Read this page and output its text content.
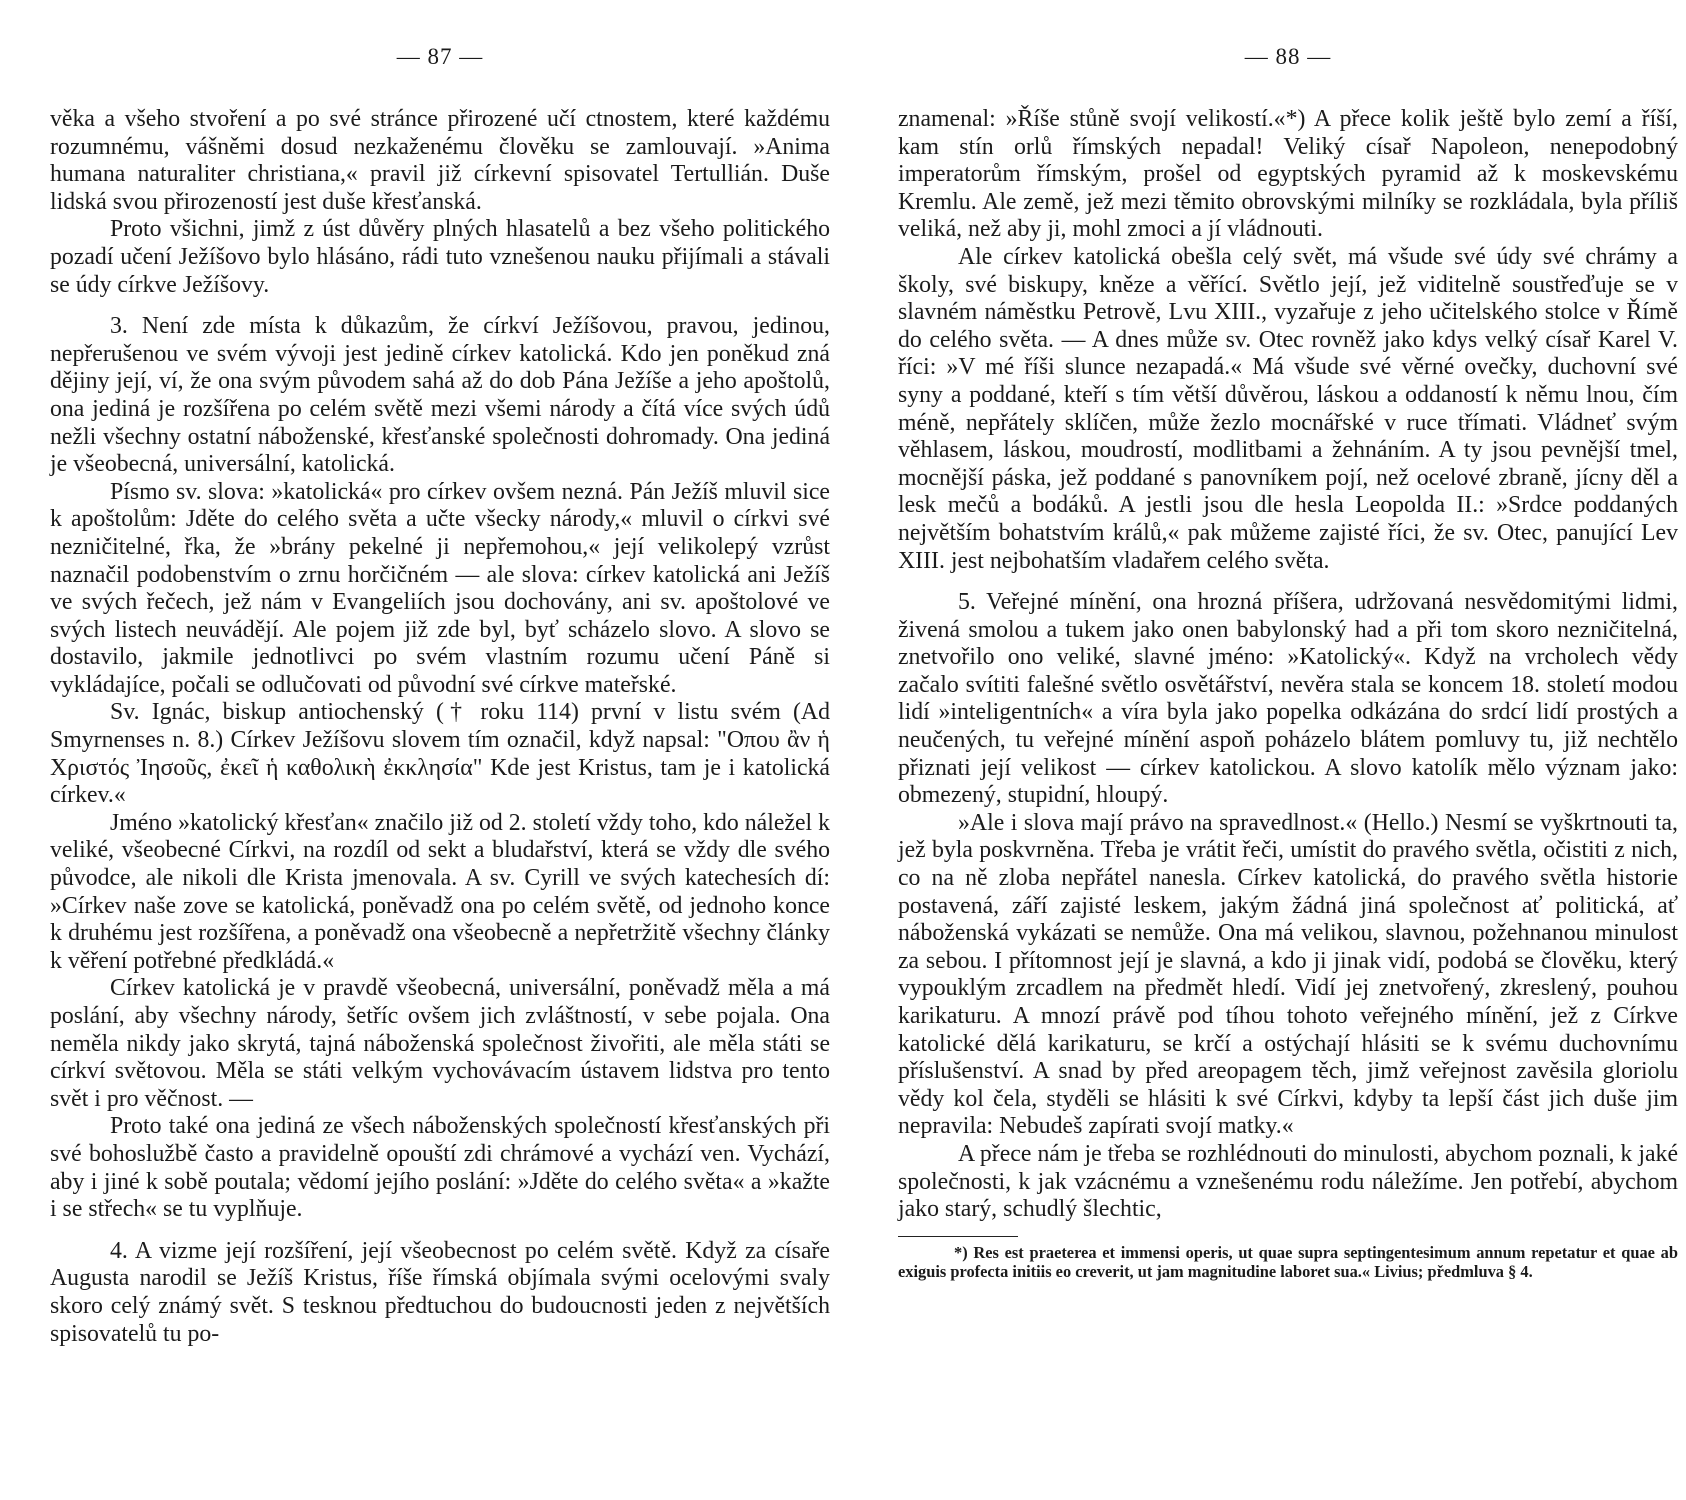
— 87 —

věka a všeho stvoření a po své stránce přirozené učí ctnostem, které každému rozumnému, vášněmi dosud nezkaženému člověku se zamlouvají. »Anima humana naturaliter christiana,« pravil již církevní spisovatel Tertullián. Duše lidská svou přirozeností jest duše křesťanská.

Proto všichni, jimž z úst důvěry plných hlasatelů a bez všeho politického pozadí učení Ježíšovo bylo hlásáno, rádi tuto vznešenou nauku přijímali a stávali se údy církve Ježíšovy.

3. Není zde místa k důkazům, že církví Ježíšovou, pravou, jedinou, nepřerušenou ve svém vývoji jest jedině církev katolická. Kdo jen poněkud zná dějiny její, ví, že ona svým původem sahá až do dob Pána Ježíše a jeho apoštolů, ona jediná je rozšířena po celém světě mezi všemi národy a čítá více svých údů nežli všechny ostatní náboženské, křesťanské společnosti dohromady. Ona jediná je všeobecná, universální, katolická.

Písmo sv. slova: »katolická« pro církev ovšem nezná. Pán Ježíš mluvil sice k apoštolům: Jděte do celého světa a učte všecky národy,« mluvil o církvi své nezničitelné, řka, že »brány pekelné ji nepřemohou,« její velikolepý vzrůst naznačil podobenstvím o zrnu horčičném — ale slova: církev katolická ani Ježíš ve svých řečech, jež nám v Evangeliích jsou dochovány, ani sv. apoštolové ve svých listech neuvádějí. Ale pojem již zde byl, byť scházelo slovo. A slovo se dostavilo, jakmile jednotlivci po svém vlastním rozumu učení Páně si vykládajíce, počali se odlučovati od původní své církve mateřské.

Sv. Ignác, biskup antiochenský († roku 114) první v listu svém (Ad Smyrnenses n. 8.) Církev Ježíšovu slovem tím označil, když napsal: "Οπου ἂν ἡ Χριστός Ἰησοῦς, ἐκεῖ ἡ καθολικὴ ἐκκλησία" Kde jest Kristus, tam je i katolická církev.«

Jméno »katolický křesťan« značilo již od 2. století vždy toho, kdo náležel k veliké, všeobecné Církvi, na rozdíl od sekt a bludařství, která se vždy dle svého původce, ale nikoli dle Krista jmenovala. A sv. Cyrill ve svých katechesích dí: »Církev naše zove se katolická, poněvadž ona po celém světě, od jednoho konce k druhému jest rozšířena, a poněvadž ona všeobecně a nepřetržitě všechny články k věření potřebné předkládá.«

Církev katolická je v pravdě všeobecná, universální, poněvadž měla a má poslání, aby všechny národy, šetříc ovšem jich zvláštností, v sebe pojala. Ona neměla nikdy jako skrytá, tajná náboženská společnost živořiti, ale měla státi se církví světovou. Měla se státi velkým vychovávacím ústavem lidstva pro tento svět i pro věčnost. —

Proto také ona jediná ze všech náboženských společností křesťanských při své bohoslužbě často a pravidelně opouští zdi chrámové a vychází ven. Vychází, aby i jiné k sobě poutala; vědomí jejího poslání: »Jděte do celého světa« a »kažte i se střech« se tu vyplňuje.

4. A vizme její rozšíření, její všeobecnost po celém světě. Když za císaře Augusta narodil se Ježíš Kristus, říše římská objímala svými ocelovými svaly skoro celý známý svět. S tesknou předtuchou do budoucnosti jeden z největších spisovatelů tu po-

— 88 —

znamenal: »Říše stůně svojí velikostí.«*) A přece kolik ještě bylo zemí a říší, kam stín orlů římských nepadal! Veliký císař Napoleon, nenepodobný imperatorům římským, prošel od egyptských pyramid až k moskevskému Kremlu. Ale země, jež mezi těmito obrovskými milníky se rozkládala, byla příliš veliká, než aby ji, mohl zmoci a jí vládnouti.

Ale církev katolická obešla celý svět, má všude své údy své chrámy a školy, své biskupy, kněze a věřící. Světlo její, jež viditelně soustřeďuje se v slavném náměstku Petrově, Lvu XIII., vyzařuje z jeho učitelského stolce v Římě do celého světa. — A dnes může sv. Otec rovněž jako kdys velký císař Karel V. říci: »V mé říši slunce nezapadá.« Má všude své věrné ovečky, duchovní své syny a poddané, kteří s tím větší důvěrou, láskou a oddaností k němu lnou, čím méně, nepřátely sklíčen, může žezlo mocnářské v ruce třímati. Vládneť svým věhlasem, láskou, moudrostí, modlitbami a žehnáním. A ty jsou pevnější tmel, mocnější páska, jež poddané s panovníkem pojí, než ocelové zbraně, jícny děl a lesk mečů a bodáků. A jestli jsou dle hesla Leopolda II.: »Srdce poddaných největším bohatstvím králů,« pak můžeme zajisté říci, že sv. Otec, panující Lev XIII. jest nejbohatším vladařem celého světa.

5. Veřejné mínění, ona hrozná příšera, udržovaná nesvědomitými lidmi, živená smolou a tukem jako onen babylonský had a při tom skoro nezničitelná, znetvořilo ono veliké, slavné jméno: »Katolický«. Když na vrcholech vědy začalo svítiti falešné světlo osvětářství, nevěra stala se koncem 18. století modou lidí »inteligentních« a víra byla jako popelka odkázána do srdcí lidí prostých a neučených, tu veřejné mínění aspoň poházelo blátem pomluvy tu, již nechtělo přiznati její velikost — církev katolickou. A slovo katolík mělo význam jako: obmezený, stupidní, hloupý.

»Ale i slova mají právo na spravedlnost.« (Hello.) Nesmí se vyškrtnouti ta, jež byla poskvrněna. Třeba je vrátit řeči, umístit do pravého světla, očistiti z nich, co na ně zloba nepřátel nanesla. Církev katolická, do pravého světla historie postavená, září zajisté leskem, jakým žádná jiná společnost ať politická, ať náboženská vykázati se nemůže. Ona má velikou, slavnou, požehnanou minulost za sebou. I přítomnost její je slavná, a kdo ji jinak vidí, podobá se člověku, který vypouklým zrcadlem na předmět hledí. Vidí jej znetvořený, zkreslený, pouhou karikaturu. A mnozí právě pod tíhou tohoto veřejného mínění, jež z Církve katolické dělá karikaturu, se krčí a ostýchají hlásiti se k svému duchovnímu příslušenství. A snad by před areopagem těch, jimž veřejnost zavěsila gloriolu vědy kol čela, styděli se hlásiti k své Církvi, kdyby ta lepší část jich duše jim nepravila: Nebudeš zapírati svojí matky.«

A přece nám je třeba se rozhlédnouti do minulosti, abychom poznali, k jaké společnosti, k jak vzácnému a vznešenému rodu náležíme. Jen potřebí, abychom jako starý, schudlý šlechtic,

*) Res est praeterea et immensi operis, ut quae supra septingentesimum annum repetatur et quae ab exiguis profecta initiis eo creverit, ut jam magnitudine laboret sua.« Livius; předmluva § 4.
